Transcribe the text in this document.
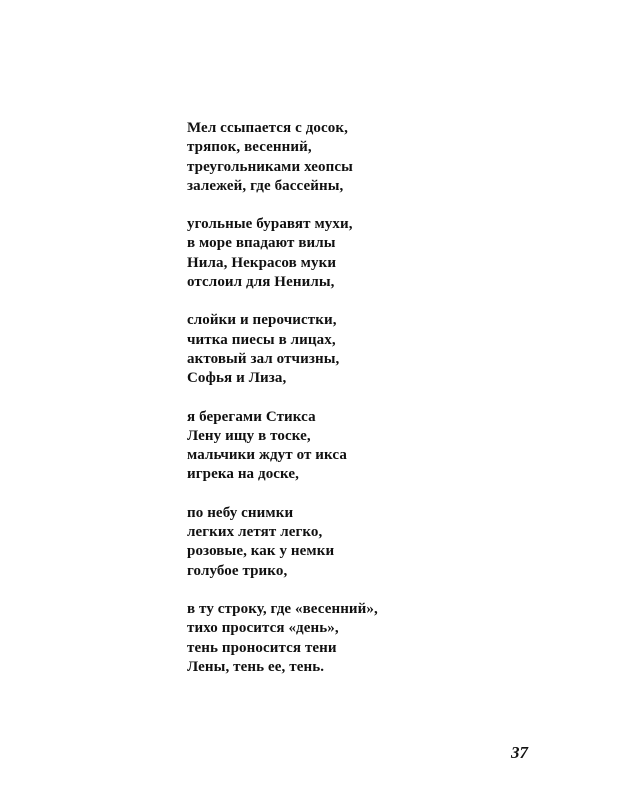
Мел ссыпается с досок,
тряпок, весенний,
треугольниками хеопсы
залежей, где бассейны,
угольные буравят мухи,
в море впадают вилы
Нила, Некрасов муки
отслоил для Ненилы,
слойки и перочистки,
читка пиесы в лицах,
актовый зал отчизны,
Софья и Лиза,
я берегами Стикса
Лену ищу в тоске,
мальчики ждут от икса
игрека на доске,
по небу снимки
легких летят легко,
розовые, как у немки
голубое трико,
в ту строку, где «весенний»,
тихо просится «день»,
тень проносится тени
Лены, тень ее, тень.
37
